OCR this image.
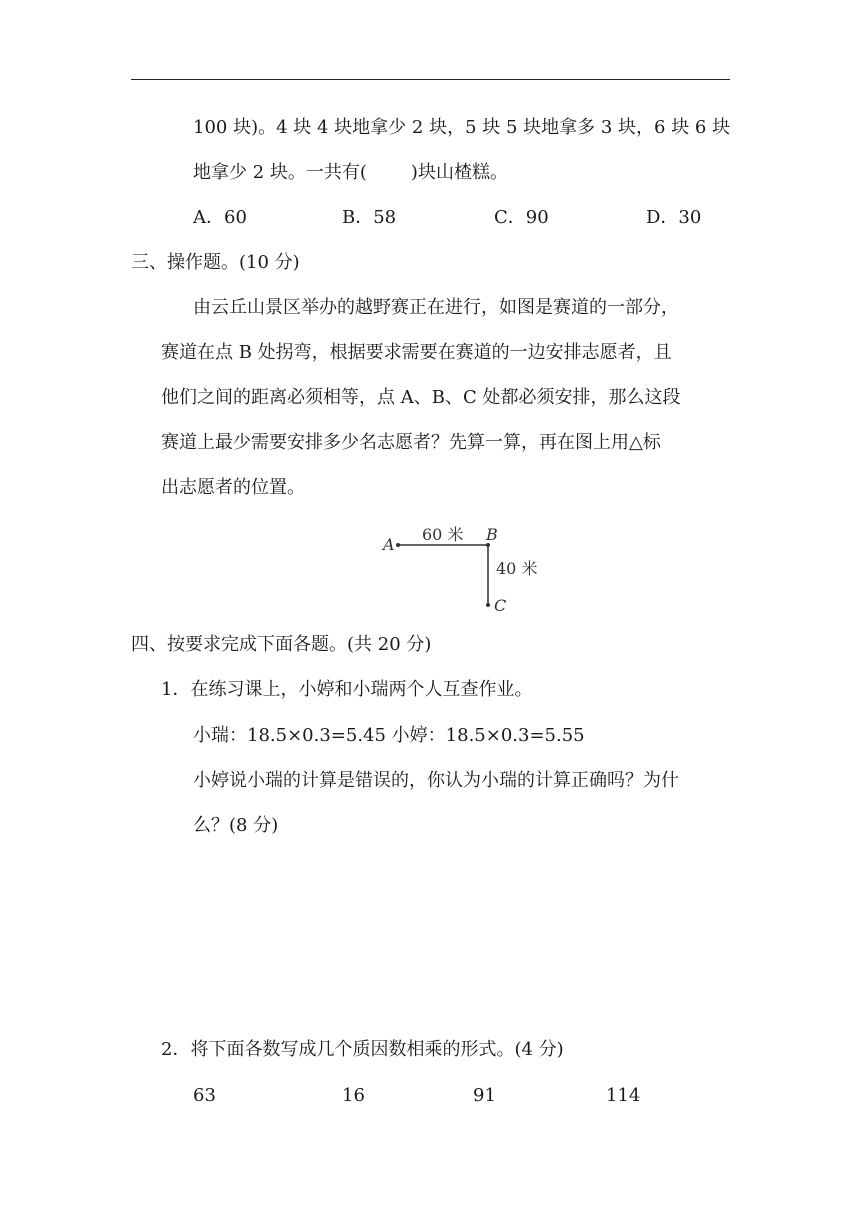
100 块)。4 块 4 块地拿少 2 块，5 块 5 块地拿多 3 块，6 块 6 块
地拿少 2 块。一共有( )块山楂糕。
A．60	B．58	C．90	D．30
三、操作题。(10 分)
由云丘山景区举办的越野赛正在进行，如图是赛道的一部分，
赛道在点 B 处拐弯，根据要求需要在赛道的一边安排志愿者，且
他们之间的距离必须相等，点 A、B、C 处都必须安排，那么这段
赛道上最少需要安排多少名志愿者？先算一算，再在图上用△标
出志愿者的位置。
A
B
C
60 米
40 米
四、按要求完成下面各题。(共 20 分)
1．在练习课上，小婷和小瑞两个人互查作业。
小瑞：18.5×0.3=5.45 小婷：18.5×0.3=5.55
小婷说小瑞的计算是错误的，你认为小瑞的计算正确吗？为什
么？(8 分)
2．将下面各数写成几个质因数相乘的形式。(4 分)
63	16	91	114
